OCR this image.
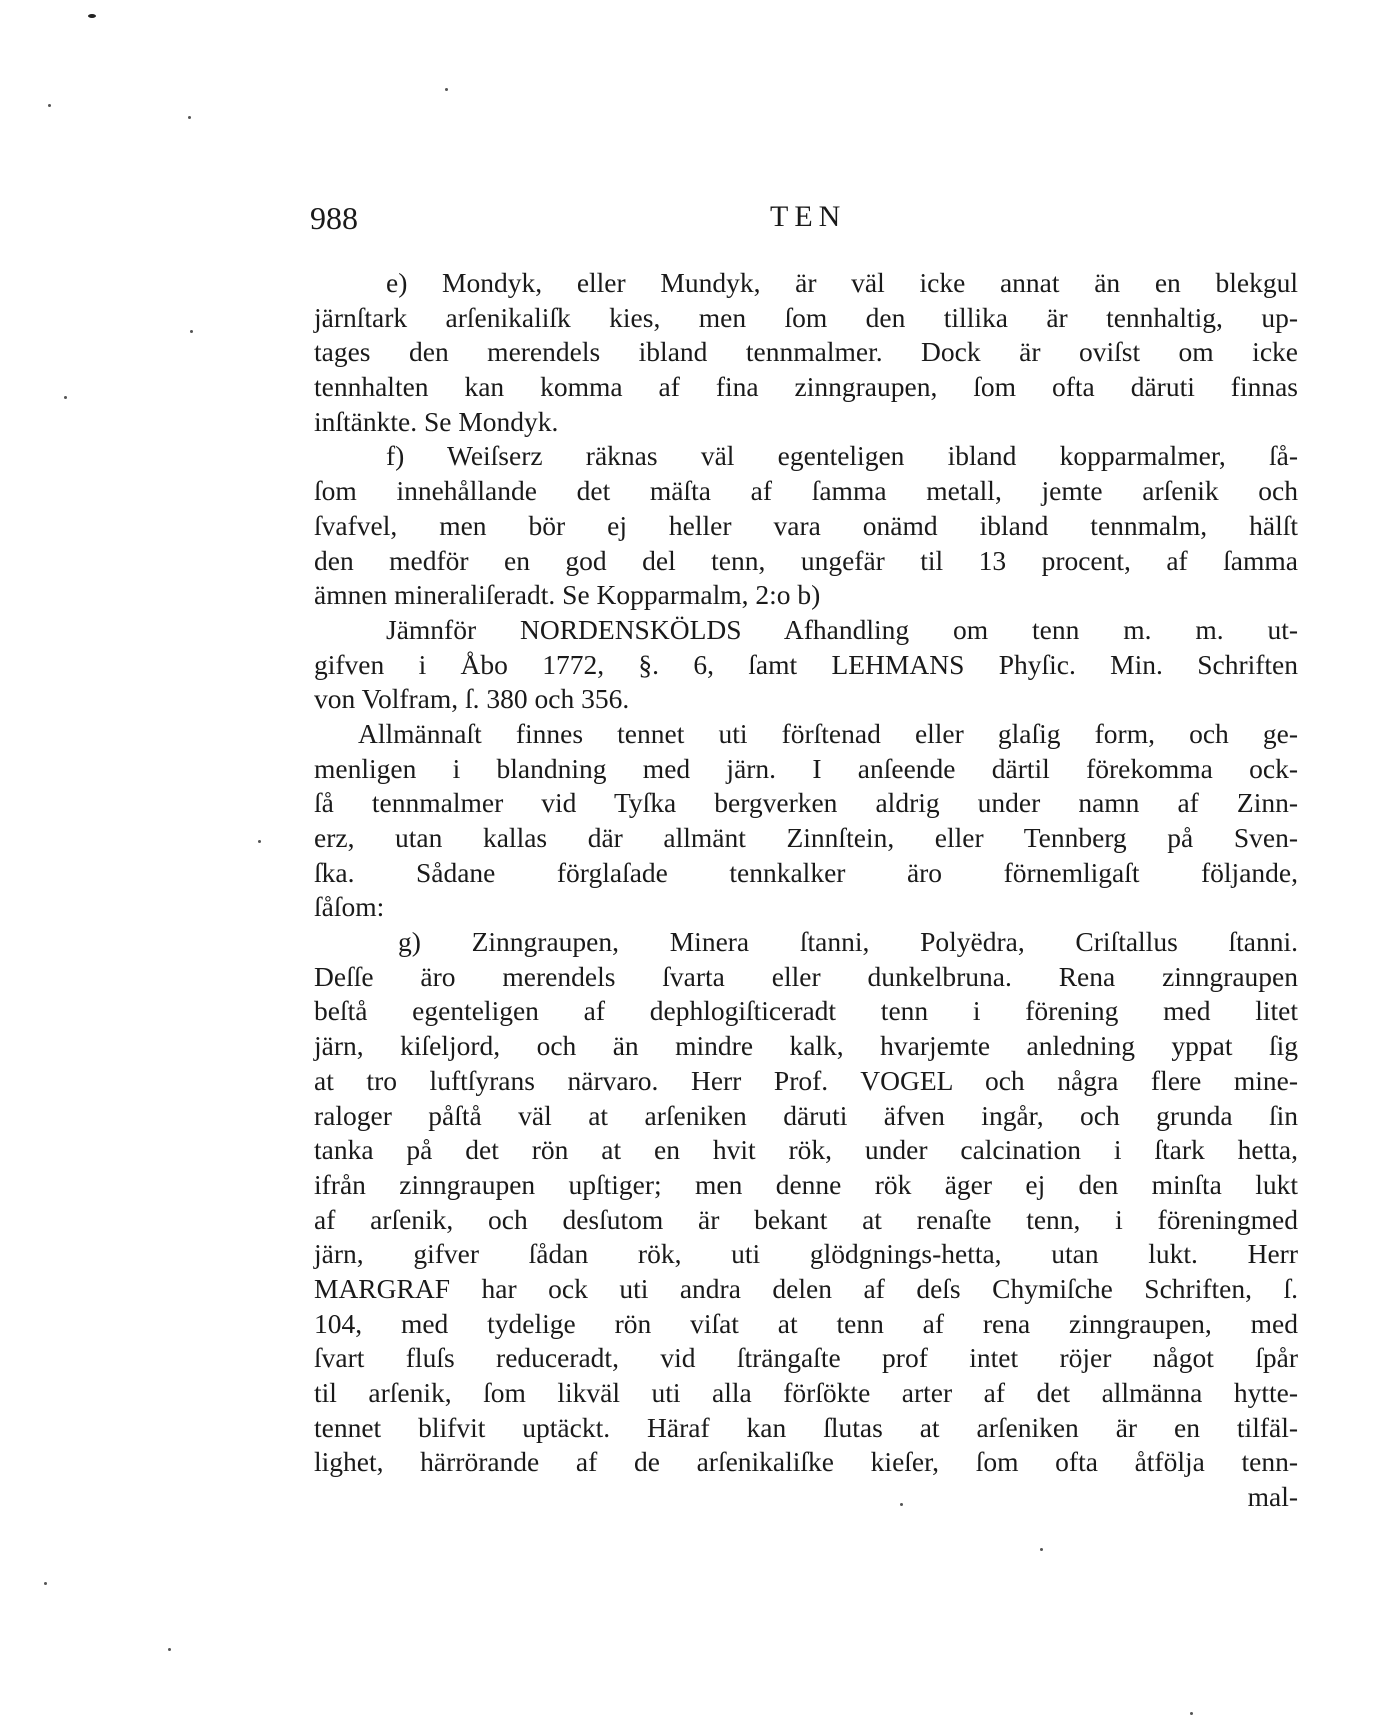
988	TEN
e) Mondyk, eller Mundyk, är väl icke annat än en blekgul
järnſtark arſenikaliſk kies, men ſom den tillika är tennhaltig, up-
tages den merendels ibland tennmalmer. Dock är oviſst om icke
tennhalten kan komma af fina zinngraupen, ſom ofta däruti finnas
inſtänkte. Se Mondyk.
f) Weiſserz räknas väl egenteligen ibland kopparmalmer, ſå-
ſom innehållande det mäſta af ſamma metall, jemte arſenik och
ſvafvel, men bör ej heller vara onämd ibland tennmalm, hälſt
den medför en god del tenn, ungefär til 13 procent, af ſamma
ämnen mineraliſeradt. Se Kopparmalm, 2:o b)
Jämnför NORDENSKÖLDS Afhandling om tenn m. m. ut-
gifven i Åbo 1772, §. 6, ſamt LEHMANS Phyſic. Min. Schriften
von Volfram, ſ. 380 och 356.
Allmännaſt finnes tennet uti förſtenad eller glaſig form, och ge-
menligen i blandning med järn. I anſeende därtil förekomma ock-
ſå tennmalmer vid Tyſka bergverken aldrig under namn af Zinn-
erz, utan kallas där allmänt Zinnſtein, eller Tennberg på Sven-
ſka. Sådane förglaſade tennkalker äro förnemligaſt följande,
ſåſom:
g) Zinngraupen, Minera ſtanni, Polyëdra, Criſtallus ſtanni.
Deſſe äro merendels ſvarta eller dunkelbruna. Rena zinngraupen
beſtå egenteligen af dephlogiſticeradt tenn i förening med litet
järn, kiſeljord, och än mindre kalk, hvarjemte anledning yppat ſig
at tro luftſyrans närvaro. Herr Prof. VOGEL och några flere mine-
raloger påſtå väl at arſeniken däruti äfven ingår, och grunda ſin
tanka på det rön at en hvit rök, under calcination i ſtark hetta,
ifrån zinngraupen upſtiger; men denne rök äger ej den minſta lukt
af arſenik, och desſutom är bekant at renaſte tenn, i föreningmed
järn, gifver ſådan rök, uti glödgnings-hetta, utan lukt. Herr
MARGRAF har ock uti andra delen af deſs Chymiſche Schriften, ſ.
104, med tydelige rön viſat at tenn af rena zinngraupen, med
ſvart fluſs reduceradt, vid ſträngaſte prof intet röjer något ſpår
til arſenik, ſom likväl uti alla förſökte arter af det allmänna hytte-
tennet blifvit uptäckt. Häraf kan ſlutas at arſeniken är en tilfäl-
lighet, härrörande af de arſenikaliſke kieſer, ſom ofta åtfölja tenn-
mal-
